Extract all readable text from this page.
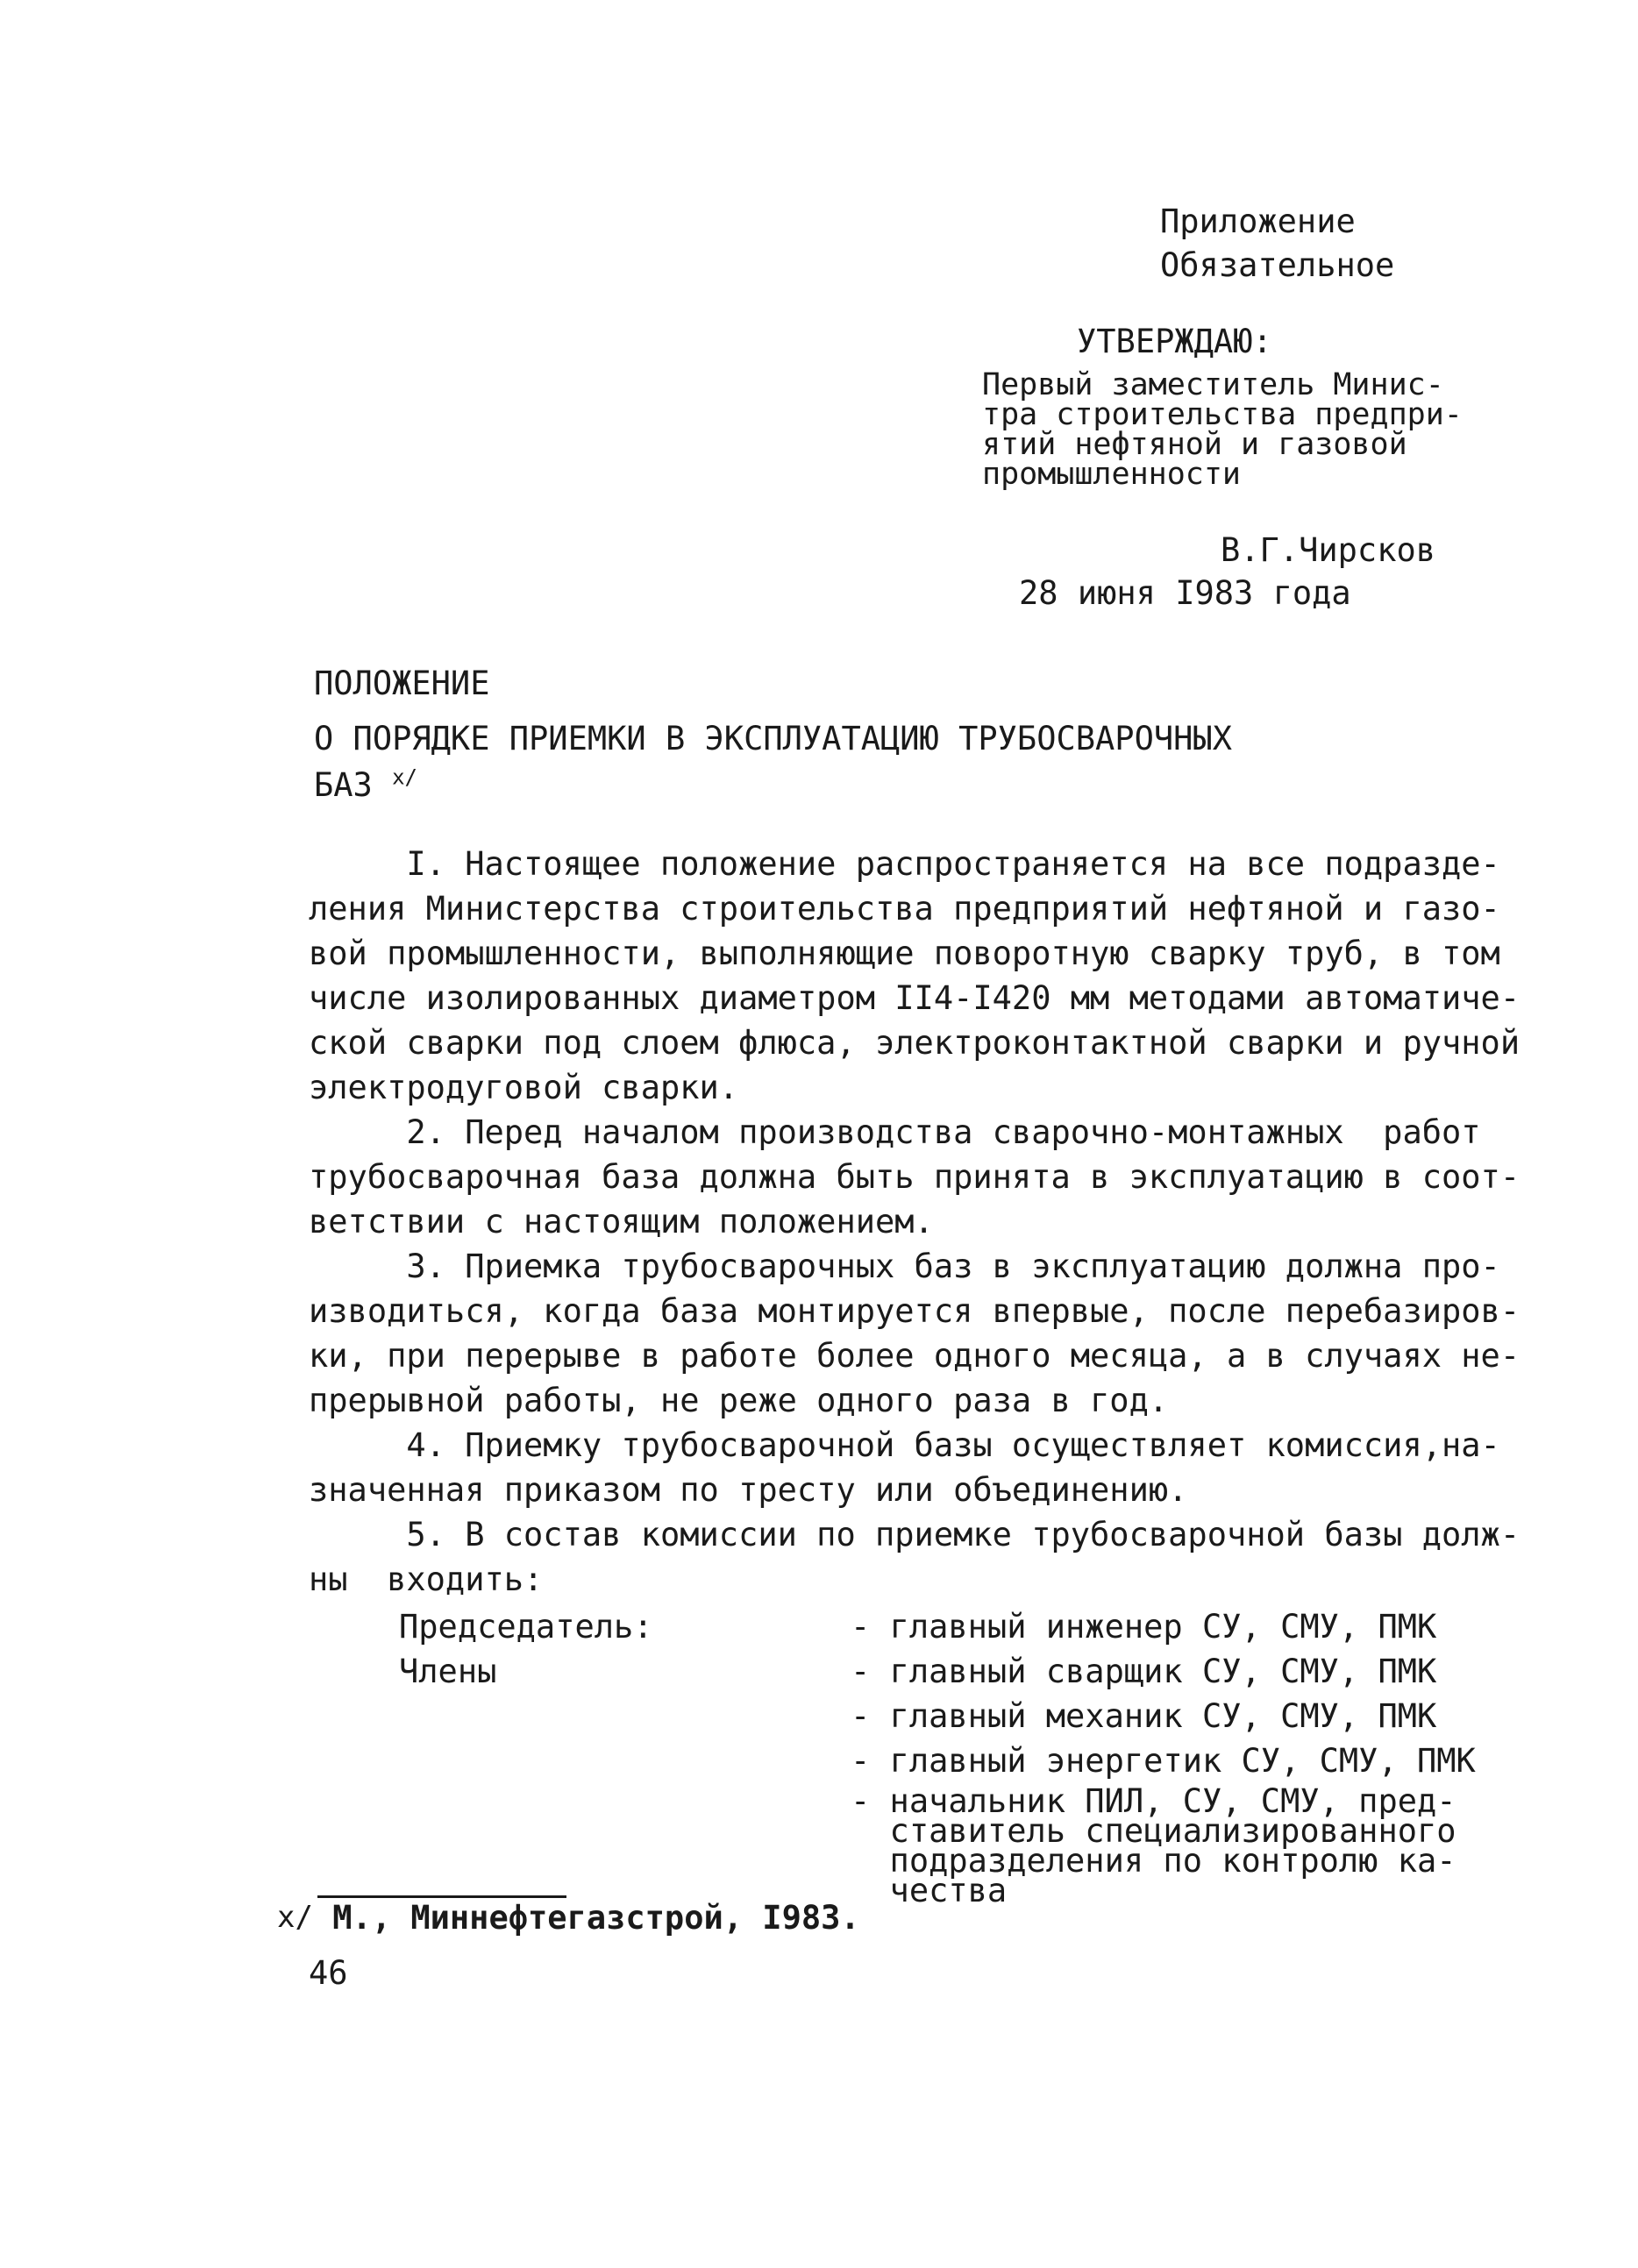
Приложение
Обязательное
УТВЕРЖДАЮ:
Первый заместитель Минис-
тра строительства предпри-
ятий нефтяной и газовой
промышленности
В.Г.Чирсков
28 июня I983 года
ПОЛОЖЕНИЕ
О ПОРЯДКЕ ПРИЕМКИ В ЭКСПЛУАТАЦИЮ ТРУБОСВАРОЧНЫХ
БАЗ $^{x/}$
I. Настоящее положение распространяется на все подразде-
ления Министерства строительства предприятий нефтяной и газо-
вой промышленности, выполняющие поворотную сварку труб, в том
числе изолированных диаметром II4-I420 мм методами автоматиче-
ской сварки под слоем флюса, электроконтактной сварки и ручной
электродуговой сварки.
2. Перед началом производства сварочно-монтажных  работ
трубосварочная база должна быть принята в эксплуатацию в соот-
ветствии с настоящим положением.
3. Приемка трубосварочных баз в эксплуатацию должна про-
изводиться, когда база монтируется впервые, после перебазиров-
ки, при перерыве в работе более одного месяца, а в случаях не-
прерывной работы, не реже одного раза в год.
4. Приемку трубосварочной базы осуществляет комиссия,на-
значенная приказом по тресту или объединению.
5. В состав комиссии по приемке трубосварочной базы долж-
ны  входить:
Председатель:
Члены
- главный инженер СУ, СМУ, ПМК
- главный сварщик СУ, СМУ, ПМК
- главный механик СУ, СМУ, ПМК
- главный энергетик СУ, СМУ, ПМК
- начальник ПИЛ, СУ, СМУ, пред-
ставитель специализированного
подразделения по контролю ка-
чества
x/ М., Миннефтегазстрой, I983.
46
